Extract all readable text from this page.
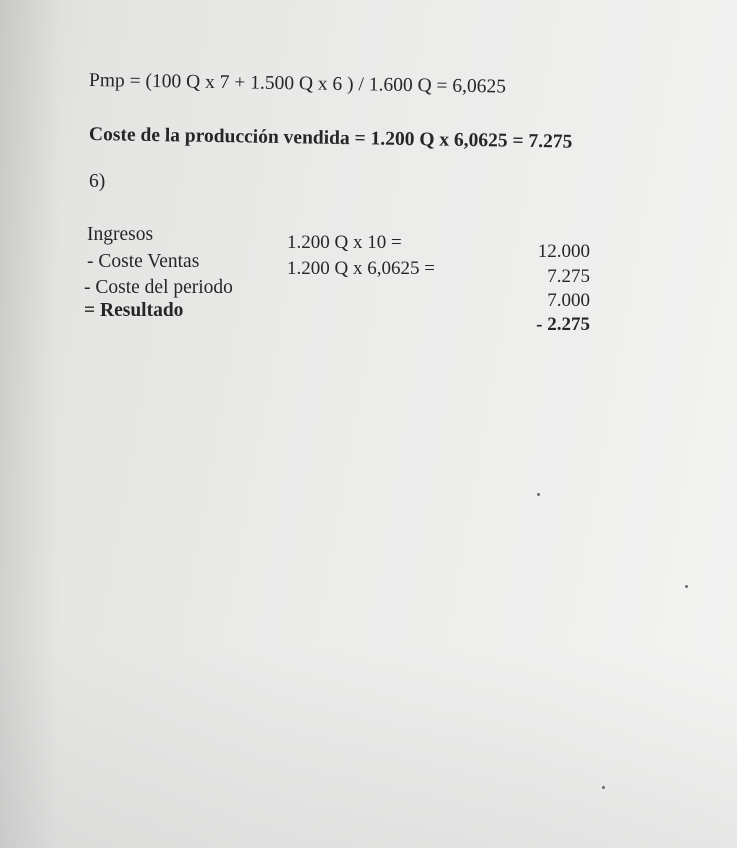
Pmp = (100 Q x 7 + 1.500 Q x 6 ) / 1.600 Q = 6,0625
Coste de la producción vendida = 1.200 Q x 6,0625 = 7.275
6)
Ingresos
- Coste Ventas
- Coste del periodo
= Resultado
1.200 Q x 10 =
1.200 Q x 6,0625 =
12.000
7.275
7.000
- 2.275
